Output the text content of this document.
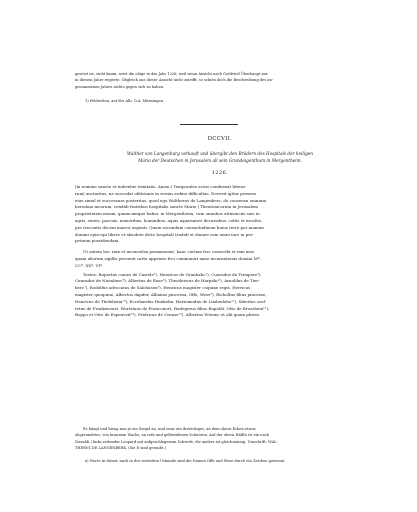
gesetzt ist, steht kaum, setzt die obige in das Jahr 1226, weil wenn Ansicht nach Gottfried Überhaupt nur

in diesem Jahre regierte. Obgleich aus dieser Ansicht nicht zutrifft, so schien doch die Beschreibung des an-

genommenen Jahres nichts gegen sich zu haben.

1) Feldsetten, auf der Alb, O.A. Münsingen.

DCCVII.

Walther von Langenburg verkauft und übergibt den Brüdern des Hospitals der heiligen

Maria der Deutschen in Jerusalem all sein Grundeigenthum in Mergentheim.

1226.

|In nomine sancte et individue trinitatis. Amen.| Temporales actus condirmat littera-

rum| auctoritas, ne succedat oblivionis in rerum ordine difficultas. Noverit igitur presens

etas simul et successura posteritas, quod ego Waltherus de Langenberc, de consensu omnium

heredum meorum, vendidi fratribus hospitalis sancte Marie | Theutonicorum in Jerusalem

proprietatem meam, quamcumque habui, in Mergentheim, cum omnibus attinenciis suis in

agris, vineis, pascuis, nemoribus, hominibus, aquis aquarumve decursibus, cultis et incultis,

pro trecentis decem marcis argenti. Quam secundum consuetudinem huius terre per manum

domini episcopi libere et absolute dicto hospitali tradidi et donavi cum omni iure in per-

petuum possidendam.

Ut autem hec rata et inconvulsa permaneant, hanc cartam feci conscribi et tam meo

quam aliorum sigillis presenti carte appensis feci communiri anno incarnationis domini Mº.

CCº. XXº. VIº.

Testes: Rupertus comes de Castele¹), Henricus de Grunbahc²), Cunradus de Trimpere³),

Cunradus de Nuenburc⁴), Albertus de Ense⁵), Theodericus de Harpahc⁶), Arnoldus de Tier-

berc⁷), Rodolfus advocatus de Salchusen⁸), Henricus magister coquine regis, Herricus

magister quoquine, Albertus dapifer, Albanus pincerna, Offe, Wese⁹), Richolfus filius pincerne,

Henricus de Theleheim¹⁰), Eccehardus Hunkelin, Hartemudus de Lindenlohe¹¹), Sibertus scul-

tetus de Frankenvurt, Wortzinus de Franconurt, Rudegerus filius Rupoldi, Otto de Brozzhein¹²),

Boppo et Otto de Espenveit¹³), Fridricus de Crense¹⁴). Albertus Wirsinc et alii quam plures.

Es hängt und hieng nun je ein Siegel an, und zwar ein dreieckiges, an dem obern Ecken etwas

abgerundetes, von braunem Wachs, an roth und gelbseidenen Schnüren. Auf der obern Hälfte ist ein nach

(heraldi.) links reitender Leopard mit aufgeschlagenem Schwefe; die andere ist gleichmässig. Umschrift: WAL-

THERVS DE LANGENBERK. (Sie E sind geraubt.)

a) Worte in dieser, nach in der vierteiten Urkunde sind die Namen Offe und Wese durch ein Zeichen getrennt.
